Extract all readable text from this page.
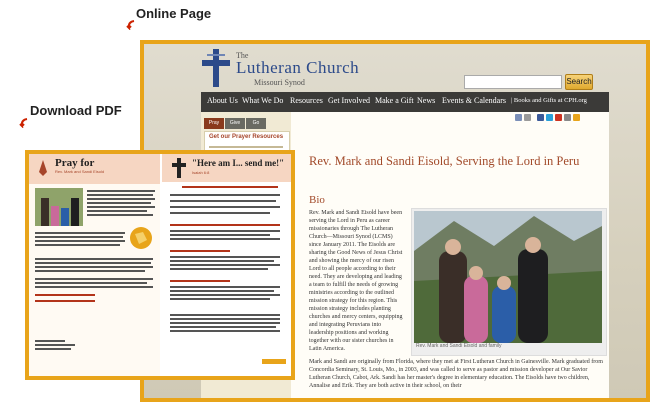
Online Page
Download PDF
The
Lutheran Church
Missouri Synod	Search
About Us What We Do Resources Get Involved Make a Gift News Events & Calendars | Books and Gifts at CPH.org
Pray	Give	Go
Get our Prayer Resources
Rev. Mark and Sandi Eisold, Serving the Lord in Peru
Bio
Rev. Mark and Sandi Eisold have been serving the Lord in Peru as career missionaries through The Lutheran Church—Missouri Synod (LCMS) since January 2011. The Eisolds are sharing the Good News of Jesus Christ and showing the mercy of our risen Lord to all people according to their need. They are developing and leading a team to fulfill the needs of growing ministries according to the outlined mission strategy for this region. This mission strategy includes planting churches and mercy centers, equipping and integrating Peruvians into leadership positions and working together with our sister churches in Latin America.	Rev. Mark and Sandi Eisold and family
Mark and Sandi are originally from Florida, where they met at First Lutheran Church in Gainesville. Mark graduated from Concordia Seminary, St. Louis, Mo., in 2003, and was called to serve as pastor and mission developer at Our Savior Lutheran Church, Cabot, Ark. Sandi has her master's degree in elementary education. The Eisolds have two children, Annalise and Erik. They are both active in their school, on their
Pray for
Rev. Mark and Sandi Eisold
"Here am I... send me!"
Isaiah 6:8
